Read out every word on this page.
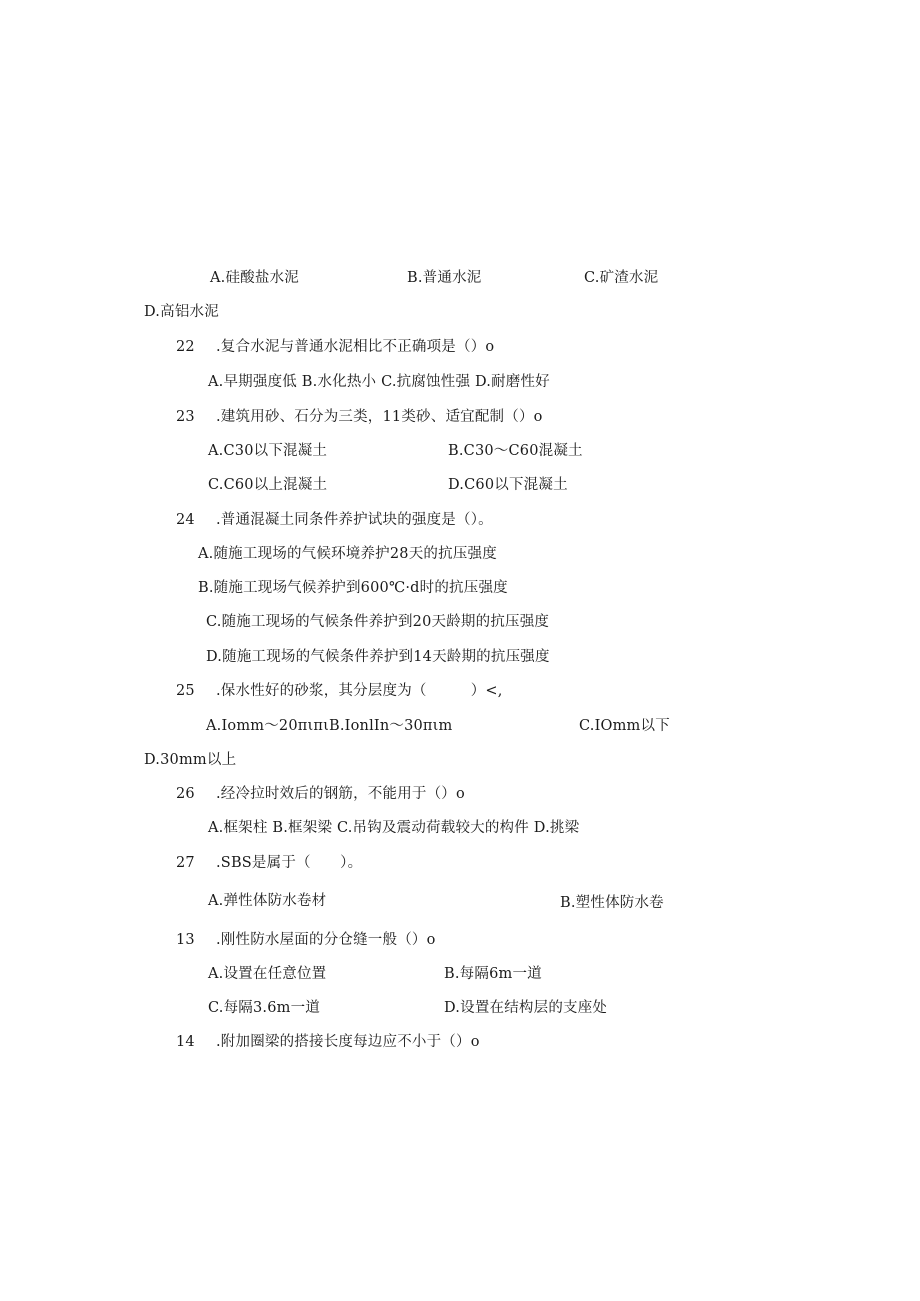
A.硅酸盐水泥	B.普通水泥	C.矿渣水泥
D.高铝水泥
22 .复合水泥与普通水泥相比不正确项是（）o
A.早期强度低 B.水化热小 C.抗腐蚀性强 D.耐磨性好
23 .建筑用砂、石分为三类，11类砂、适宜配制（）o
A.C30以下混凝土	B.C30～C60混凝土
C.C60以上混凝土	D.C60以下混凝土
24 .普通混凝土同条件养护试块的强度是（）。
A.随施工现场的气候环境养护28天的抗压强度
B.随施工现场气候养护到600℃·d时的抗压强度
C.随施工现场的气候条件养护到20天龄期的抗压强度
D.随施工现场的气候条件养护到14天龄期的抗压强度
25 .保水性好的砂浆，其分层度为（　　　）<,
A.Iomm～20πιπιB.IonlIn～30πιm	C.IOmm以下
D.30mm以上
26 .经冷拉时效后的钢筋，不能用于（）o
A.框架柱 B.框架梁 C.吊钩及震动荷载较大的构件 D.挑梁
27 .SBS是属于（　　）。
A.弹性体防水卷材	B.塑性体防水卷
13 .刚性防水屋面的分仓缝一般（）o
A.设置在任意位置	B.每隔6m一道
C.每隔3.6m一道	D.设置在结构层的支座处
14 .附加圈梁的搭接长度每边应不小于（）o
